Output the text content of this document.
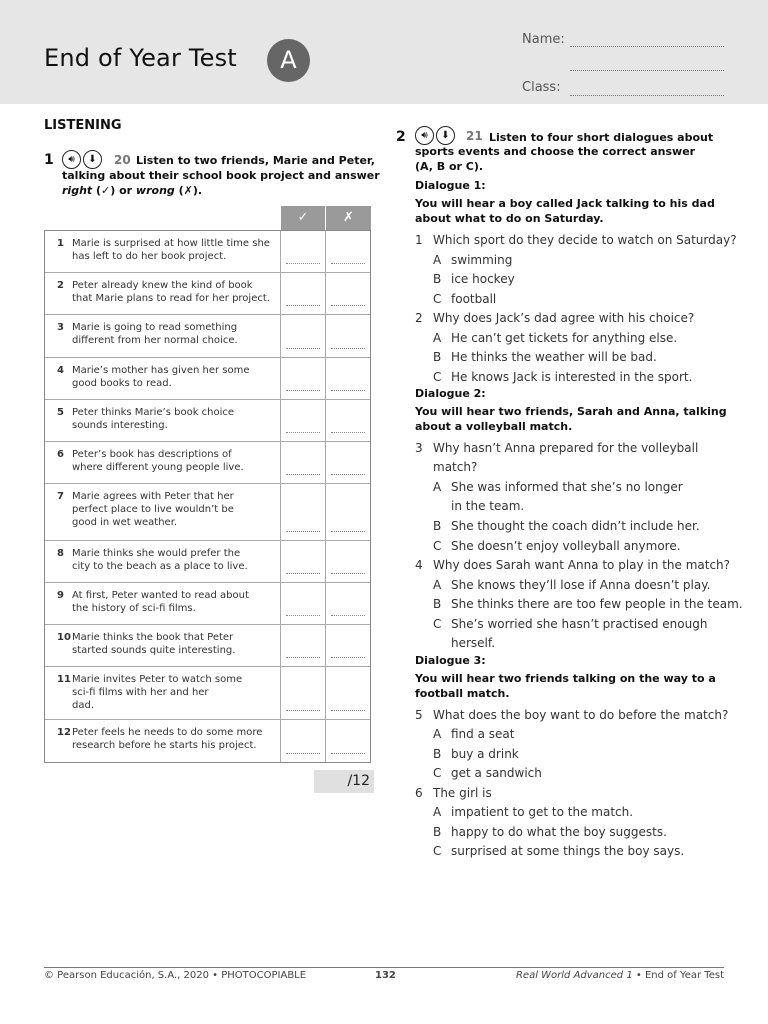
End of Year Test	A
Name:
Class:
LISTENING
1	🔊︎	⬇︎	20 Listen to two friends, Marie and Peter,
talking about their school book project and answer
right (✓) or wrong (✗).
✓	✗
1 Marie is surprised at how little time she
has left to do her book project.
2 Peter already knew the kind of book
that Marie plans to read for her project.
3 Marie is going to read something
different from her normal choice.
4 Marie’s mother has given her some
good books to read.
5 Peter thinks Marie’s book choice
sounds interesting.
6 Peter’s book has descriptions of
where different young people live.
7 Marie agrees with Peter that her
perfect place to live wouldn’t be
good in wet weather.
8 Marie thinks she would prefer the
city to the beach as a place to live.
9 At first, Peter wanted to read about
the history of sci-fi films.
10 Marie thinks the book that Peter
started sounds quite interesting.
11 Marie invites Peter to watch some
sci-fi films with her and her
dad.
12 Peter feels he needs to do some more
research before he starts his project.
/12
2	🔊︎	⬇︎	21 Listen to four short dialogues about
sports events and choose the correct answer
(A, B or C).
Dialogue 1:
You will hear a boy called Jack talking to his dad
about what to do on Saturday.
1 Which sport do they decide to watch on Saturday?
A swimming
B ice hockey
C football
2 Why does Jack’s dad agree with his choice?
A He can’t get tickets for anything else.
B He thinks the weather will be bad.
C He knows Jack is interested in the sport.
Dialogue 2:
You will hear two friends, Sarah and Anna, talking
about a volleyball match.
3 Why hasn’t Anna prepared for the volleyball
match?
A She was informed that she’s no longer
in the team.
B She thought the coach didn’t include her.
C She doesn’t enjoy volleyball anymore.
4 Why does Sarah want Anna to play in the match?
A She knows they’ll lose if Anna doesn’t play.
B She thinks there are too few people in the team.
C She’s worried she hasn’t practised enough
herself.
Dialogue 3:
You will hear two friends talking on the way to a
football match.
5 What does the boy want to do before the match?
A find a seat
B buy a drink
C get a sandwich
6 The girl is
A impatient to get to the match.
B happy to do what the boy suggests.
C surprised at some things the boy says.
© Pearson Educación, S.A., 2020 • PHOTOCOPIABLE	132	Real World Advanced 1 • End of Year Test
